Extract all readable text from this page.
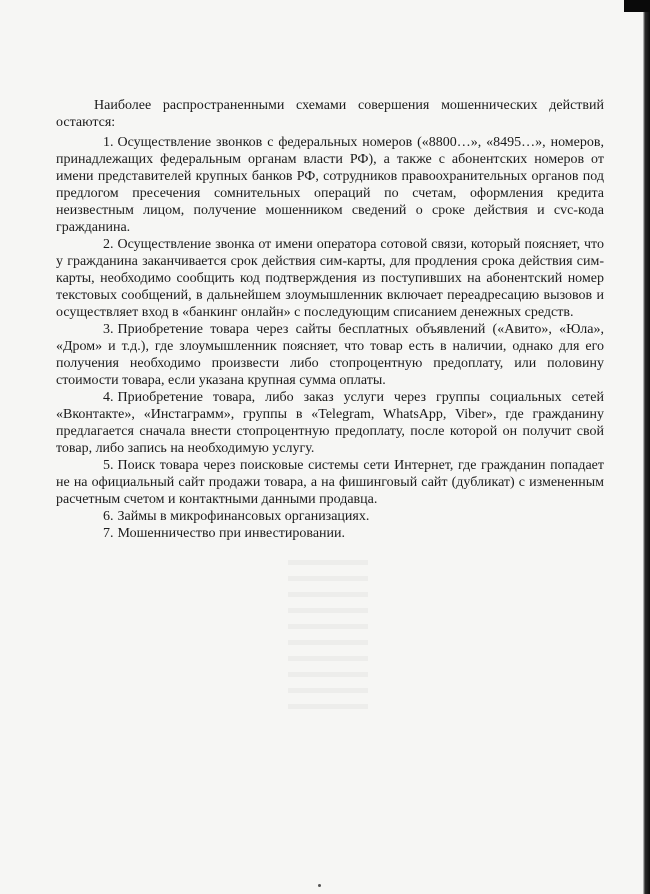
Наиболее распространенными схемами совершения мошеннических действий остаются:

1. Осуществление звонков с федеральных номеров («8800…», «8495…», номеров, принадлежащих федеральным органам власти РФ), а также с абонентских номеров от имени представителей крупных банков РФ, сотрудников правоохранительных органов под предлогом пресечения сомнительных операций по счетам, оформления кредита неизвестным лицом, получение мошенником сведений о сроке действия и cvc-кода гражданина.

2. Осуществление звонка от имени оператора сотовой связи, который поясняет, что у гражданина заканчивается срок действия сим-карты, для продления срока действия сим-карты, необходимо сообщить код подтверждения из поступивших на абонентский номер текстовых сообщений, в дальнейшем злоумышленник включает переадресацию вызовов и осуществляет вход в «банкинг онлайн» с последующим списанием денежных средств.

3. Приобретение товара через сайты бесплатных объявлений («Авито», «Юла», «Дром» и т.д.), где злоумышленник поясняет, что товар есть в наличии, однако для его получения необходимо произвести либо стопроцентную предоплату, или половину стоимости товара, если указана крупная сумма оплаты.

4. Приобретение товара, либо заказ услуги через группы социальных сетей «Вконтакте», «Инстаграмм», группы в «Telegram, WhatsApp, Viber», где гражданину предлагается сначала внести стопроцентную предоплату, после которой он получит свой товар, либо запись на необходимую услугу.

5. Поиск товара через поисковые системы сети Интернет, где гражданин попадает не на официальный сайт продажи товара, а на фишинговый сайт (дубликат) с измененным расчетным счетом и контактными данными продавца.

6. Займы в микрофинансовых организациях.

7. Мошенничество при инвестировании.
